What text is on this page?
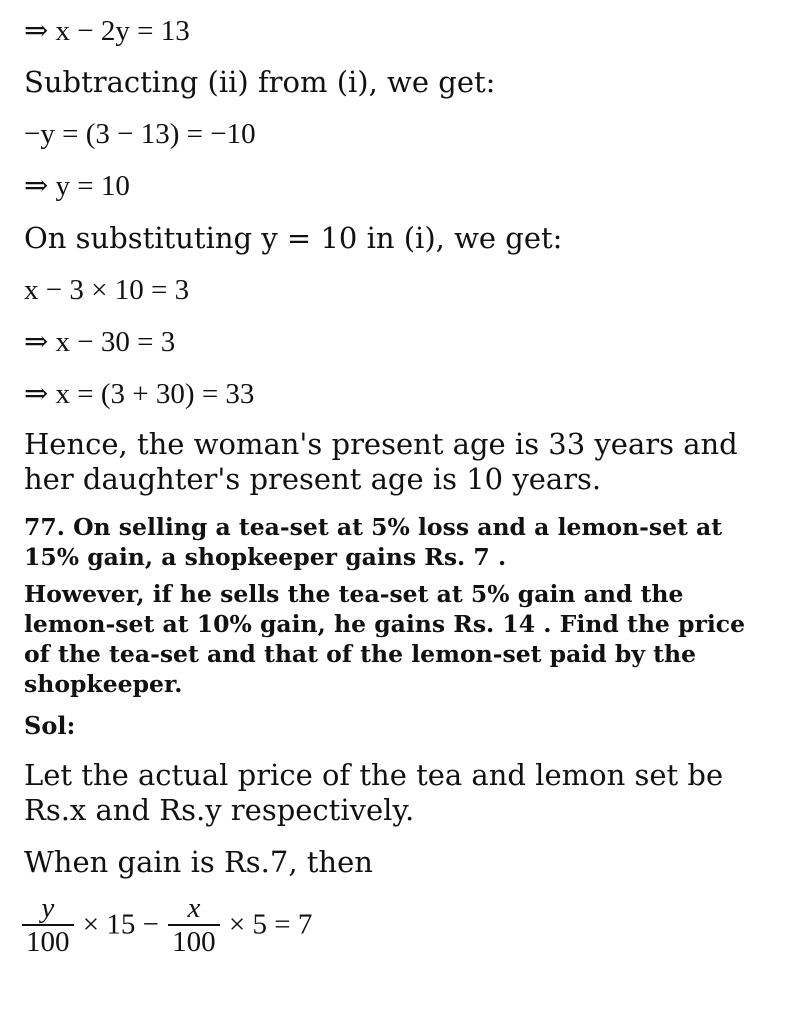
⇒ x − 2y = 13
Subtracting (ii) from (i), we get:
−y = (3 − 13) = −10
⇒ y = 10
On substituting y = 10 in (i), we get:
x − 3 × 10 = 3
⇒ x − 30 = 3
⇒ x = (3 + 30) = 33
Hence, the woman's present age is 33 years and her daughter's present age is 10 years.
77. On selling a tea-set at 5% loss and a lemon-set at 15% gain, a shopkeeper gains Rs. 7 .
However, if he sells the tea-set at 5% gain and the lemon-set at 10% gain, he gains Rs. 14 . Find the price of the tea-set and that of the lemon-set paid by the shopkeeper.
Sol:
Let the actual price of the tea and lemon set be Rs.x and Rs.y respectively.
When gain is Rs.7, then
$\frac{y}{100} \times 15 - \frac{x}{100} \times 5 = 7$
